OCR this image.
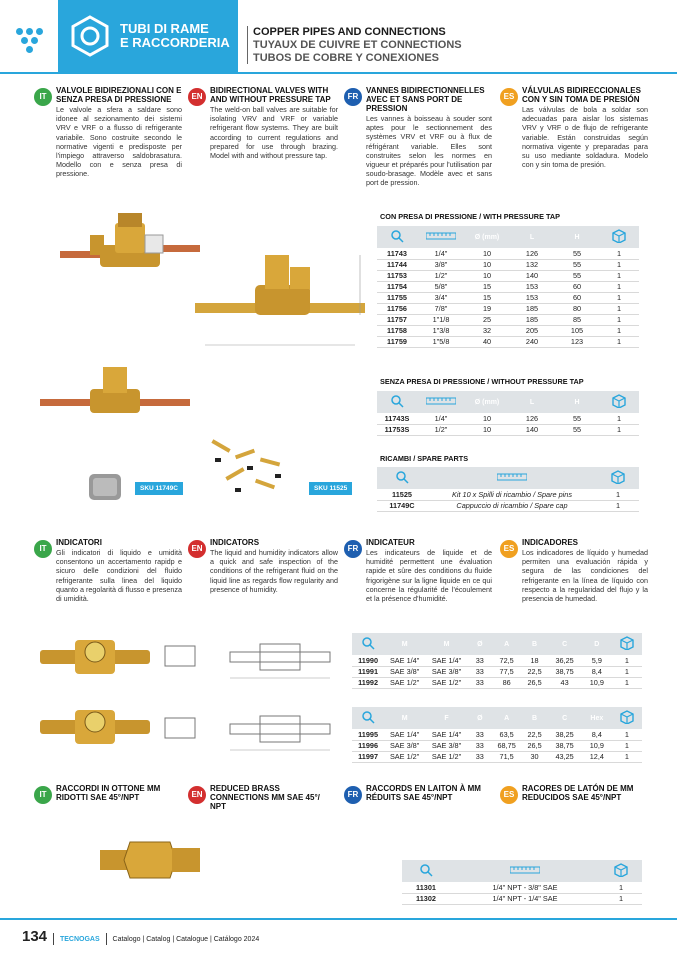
TUBI DI RAME
E RACCORDERIA
COPPER PIPES AND CONNECTIONS
TUYAUX DE CUIVRE ET CONNECTIONS
TUBOS DE COBRE Y CONEXIONES
IT
VALVOLE BIDIREZIONALI CON E SENZA PRESA DI PRESSIONE

Le valvole a sfera a saldare sono idonee al sezionamento dei sistemi VRV e VRF o a flusso di refrigerante variabile. Sono costruite secondo le normative vigenti e predisposte per l'impiego attraverso saldobrasatura. Modello con e senza presa di pressione.

EN
BIDIRECTIONAL VALVES WITH AND WITHOUT PRESSURE TAP

The weld-on ball valves are suitable for isolating VRV and VRF or variable refrigerant flow systems. They are built according to current regulations and prepared for use through brazing. Model with and without pressure tap.

FR
VANNES BIDIRECTIONNELLES AVEC ET SANS PORT DE PRESSION

Les vannes à boisseau à souder sont aptes pour le sectionnement des systèmes VRV et VRF ou à flux de réfrigérant variable. Elles sont construites selon les normes en vigueur et préparés pour l'utilisation par soudo-brasage. Modèle avec et sans port de pression.

ES
VÁLVULAS BIDIRECCIONALES CON Y SIN TOMA DE PRESIÓN

Las válvulas de bola a soldar son adecuadas para aislar los sistemas VRV y VRF o de flujo de refrigerante variable. Están construidas según normativa vigente y preparadas para su uso mediante soldadura. Modelo con y sin toma de presión.

SKU 11749C	SKU 11525
CON PRESA DI PRESSIONE / WITH PRESSURE TAP
		Ø (mm)	L	H	
11743	1/4"	10	126	55	1
11744	3/8"	10	132	55	1
11753	1/2"	10	140	55	1
11754	5/8"	15	153	60	1
11755	3/4"	15	153	60	1
11756	7/8"	19	185	80	1
11757	1"1/8	25	185	85	1
11758	1"3/8	32	205	105	1
11759	1"5/8	40	240	123	1
SENZA PRESA DI PRESSIONE / WITHOUT PRESSURE TAP
		Ø (mm)	L	H	
11743S	1/4"	10	126	55	1
11753S	1/2"	10	140	55	1
RICAMBI / SPARE PARTS

11525	Kit 10 x Spilli di ricambio / Spare pins	1
11749C	Cappuccio di ricambio / Spare cap	1
IT
INDICATORI

Gli indicatori di liquido e umidità consentono un accertamento rapidp e sicuro delle condizioni del fluido refrigerante sulla linea del liquido quanto a regolarità di flusso e presenza di umidità.

EN
INDICATORS

The liquid and humidity indicators allow a quick and safe inspection of the conditions of the refrigerant fluid on the liquid line as regards flow regularity and presence of humidity.

FR
INDICATEUR

Les indicateurs de liquide et de humidité permettent une évaluation rapide et sûre des conditions du fluide frigorigène sur la ligne liquide en ce qui concerne la régularité de l'écoulement et la présence d'humidité.

ES
INDICADORES

Los indicadores de líquido y humedad permiten una evaluación rápida y segura de las condiciones del refrigerante en la línea de líquido con respecto a la regularidad del flujo y la presencia de humedad.

	M	M	Ø	A	B	C	D	
11990	SAE 1/4"	SAE 1/4"	33	72,5	18	36,25	5,9	1
11991	SAE 3/8"	SAE 3/8"	33	77,5	22,5	38,75	8,4	1
11992	SAE 1/2"	SAE 1/2"	33	86	26,5	43	10,9	1
	M	F	Ø	A	B	C	Hex	
11995	SAE 1/4"	SAE 1/4"	33	63,5	22,5	38,25	8,4	1
11996	SAE 3/8"	SAE 3/8"	33	68,75	26,5	38,75	10,9	1
11997	SAE 1/2"	SAE 1/2"	33	71,5	30	43,25	12,4	1
IT
RACCORDI IN OTTONE MM RIDOTTI SAE 45°/NPT	EN
REDUCED BRASS CONNECTIONS MM SAE 45°/ NPT
FR
RACCORDS EN LAITON À MM RÉDUITS SAE 45°/NPT	ES
RACORES DE LATÓN DE MM REDUCIDOS SAE 45°/NPT

11301	1/4" NPT - 3/8" SAE	1
11302	1/4" NPT - 1/4" SAE	1
134 TECNOGAS Catalogo | Catalog | Catalogue | Catálogo 2024
